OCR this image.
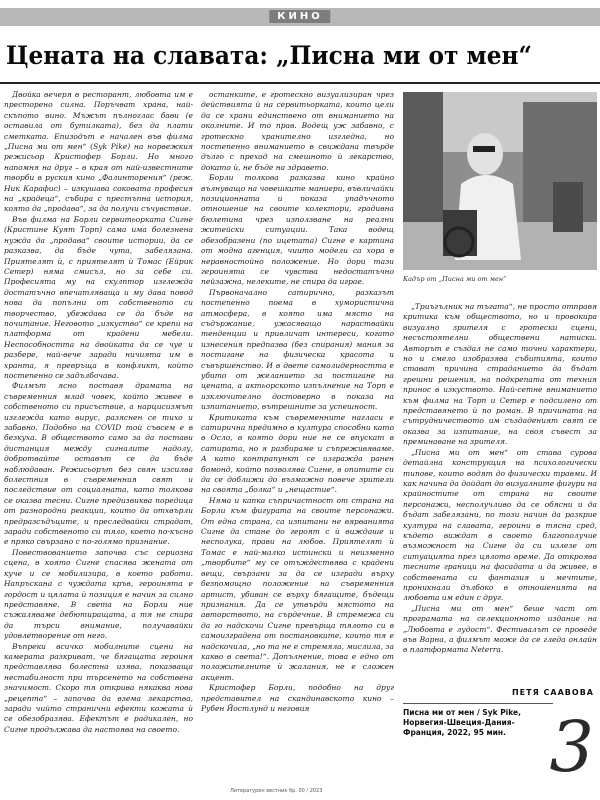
КИНО
Цената на славата: „Писна ми от мен“

Двойка вечеря в ресторант, любовта им е престорено силна. Поръчват храна, най-скъпото вино. Мъжът пълноглас бави (е оставила от бутилката), без да плати сметката. Епизодът е начален във филма „Писна ми от мен“ (Syk Pike) на норвежкия режисьор Кристофер Борли. Но много напомня на друг – в края от най-известните творби в руския кино „Фалинторения“ (реж. Ник Карафис) – изкушава соковата професия на „крадеца“, събира с престъпна история, която да „продава“, за да получи съчувствие.

Във филма на Борли сервитьорката Сигне (Кристине Куят Торп) сама има болезнена нужда да „продава“ своите истории, да се разказва, да бъде чута, забелязана. Приятелят ѝ, с приятелят ѝ Томас (Ейрик Сетер) няма смисъл, но за себе си. Професията му на скулптор изглежда достатъчно впечатляваща и му дава повод нова да попълни от собственото си творчество, убеждава се да бъде на почитание. Неговото „изкуство“ се крепи на платформа от крадени мебели. Неспособността на двойката да се чуе и разбере, най-вече заради ничията им в хранта, я превръща в конфликт, който постепенно се задълбочава.

Филмът ясно поставя драмата на съвременния млад човек, който живее в собственото си присъствие, а нарцисизмът изглежда като вирус, разяснен се тихо и забавно. Подобно на COVID той съвсем е в безкуха. В обществото само за да постави дистанция между сигналите надолу, добротвайте оставът се да бъде наблюдаван. Режисьорът без свян изсилва болестния в съвременния свят и последствие от социалната, като толкова се оказва тесни. Сигне предизвиква поредица от разнородни реакции, които да отхвърли предразсъдъците, и преследвайки страдат, заради собственото си тяло, което по-късно е пряко свързано с по-голямо признание.

Повествованието започва със сериозна сцена, в която Сигне спасява жената от куче и се мобилизира, в което работи. Напръскана с чуждата кръв, героинята е гордост и цялата ѝ позиция е начин за силно представяне. В света на Борли ние съжаляваме дебютиращата, а тя не спира да търси внимание, получавайки удовлетворение от него.

Въпреки всичко мобилните сцени на камерата разкриват, че бягащата героиня представлява болестна изява, показваща нестабилност при търсенето на собствена значимост. Скоро тя открива някаква нова „рецепта“ – започва да взема лекарства, заради чийто странични ефекти кожата ѝ се обезобразява. Ефектът е радикален, но Сигне продължава да настоява на своето.

останките, е гротескно визуализиран чрез действията ѝ на сервитьорката, които цели да се храни единствено от вниманието на околните. И то прав. Водещ уж забавно, с гротескно хранително изгледна, но постепенно вниманието в свиждана твърде дълго с преход на смешното ѝ лекарство, докато ѝ, не бъде на здравето.

Борли толкова разказва кино крайно вълнуващо на човешките маниери, въвличайки позиционната и показа упадъчното отношение на своите колектори, градивна бюлетина чрез използване на реални житейски ситуации. Така водещ обезобразени (по ицетата) Сигне е картина от модна агенция, чиито модели са хора в неравностойно положение. Но дори тази героинята се чувства недостатъчно пейзажна, нелеките, не спира да играе.

Първоначално сатирично, разказът постепенно поема в хумористична атмосфера, в която има място на съдържание, ужасяващо нараствайки тенденции и привличат интереси, когато изнесения предпазва (без спирания) мания за постигане на физическа красота и съвършенство. И в двете самолидерността е убито от желанието за постигане на цената, а актьорското изпълнение на Торп е изключително достоверно в показа на изпитанието, вътрешните за успешност.

Критиката към съвременните нагласи е сатирична предимно в култура способни като в Осло, в която дори ние не се впускат в сатирата, но я разбираме и съпреживяваме. А като контрапункт се изгражда ранен бомонд, който позволява Сигне, в опитите си да се доближи до възможно повече зрители на своята „болка“ и „нещастие“.

Няма и капка съпричастност от страна на Борли към фигурата на своите персонажи. От една страна, са изпитани не вярванията Сигне да стане до героят с ѝ виждаше и несполука, прави на любов. Приятелят ѝ Томас е най-малко истински и неизменно „творбите“ му се отъждествява с крадени вещи, свързани за да се изгради върху безпомощно положение на съвременния артист, убиван се върху бягащите, бъдещи признания. Да се утвърди мястото на авторството, на сърдечние. В стремежа си да го надскочи Сигне превърща тялото си в самоизградена от постановките, които тя е надскочила, „но та не е стремяла, мислила, за какво в света!“. Допълнение, това е едно от положителните ѝ жалания, не е сложен акцент.

Кристофер Борли, подобно на друг представител на скандинавското кино – Рубен Йостлунд и неговия

Кадър от „Писна ми от мен“

„Триъгълник на тъгата“, не просто отправя критика към обществото, но и провокира визуално зрителя с гротески сцени, несъстоятелни обществени натиски. Авторът е създал не само точни характери, но и смело изобразява събитията, които стават причина страданието да бъдат грешни решения, на подкрепата от техния принос в изкуството. Най-сетне вниманието към филма на Торп и Сетер е подсилено от представянето ѝ по роман. В причината на сътрудничеството им създаденият свят се оказва за изпитание, на своя съвест за преминаване на зрителя.

„Писна ми от мен“ от става сурова детайлна конструкция на психологически типове, които водят до физически травми. И как начина да дойдат до визуалните фигури на крайностите от страна на своите персонажи, несполучливо да се обясни и да бъдат забелязани, по този начин да разкрие култура на славата, героини в тясна сред, където виждат в своето благополучие възможност на Сигне да си излезе от ситуацията през цялото време. Да откроява тесните граници на фасадата и да живее, в собствената си фантазия и мечтите, проникнали дълбоко в отношенията на любовта им един с друг.

„Писна ми от мен“ беше част от програмата на селекционното издание на „Любовта е лудост“. Фестивалът се проведе във Варна, а филмът може да се гледа онлайн в платформата Neterra.

ПЕТЯ СААВОВА
Писна ми от мен / Syk Pike, Норвегия-Швеция-Дания-Франция, 2022, 95 мин. 3
Литературен вестник бр. 00 / 2023
